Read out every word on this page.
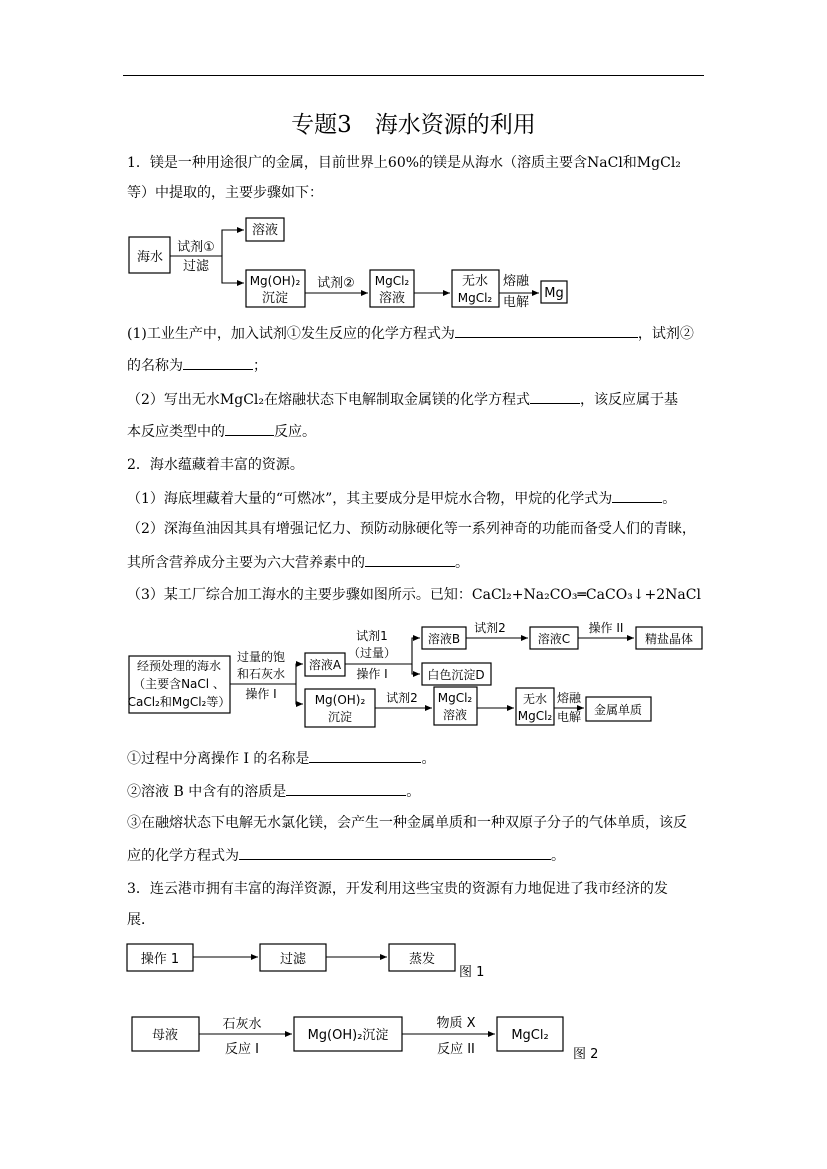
专题3　海水资源的利用
1．镁是一种用途很广的金属，目前世界上60%的镁是从海水（溶质主要含NaCl和MgCl₂
等）中提取的，主要步骤如下：
(1)工业生产中，加入试剂①发生反应的化学方程式为	，试剂②
的名称为	；
（2）写出无水MgCl₂在熔融状态下电解制取金属镁的化学方程式	，该反应属于基
本反应类型中的	反应。
2．海水蕴藏着丰富的资源。
（1）海底埋藏着大量的“可燃冰”，其主要成分是甲烷水合物，甲烷的化学式为	。
（2）深海鱼油因其具有增强记忆力、预防动脉硬化等一系列神奇的功能而备受人们的青睐，
其所含营养成分主要为六大营养素中的	。
（3）某工厂综合加工海水的主要步骤如图所示。已知：CaCl₂+Na₂CO₃═CaCO₃↓+2NaCl
①过程中分离操作 I 的名称是	。
②溶液 B 中含有的溶质是	。
③在融熔状态下电解无水氯化镁，会产生一种金属单质和一种双原子分子的气体单质，该反
应的化学方程式为	。
3．连云港市拥有丰富的海洋资源，开发利用这些宝贵的资源有力地促进了我市经济的发
展．
海水
试剂①
过滤
溶液
Mg(OH)₂
沉淀
试剂② MgCl₂
溶液
无水
MgCl₂
熔融
电解
Mg
经预处理的海水
（主要含NaCl 、
CaCl₂和MgCl₂等）
过量的饱
和石灰水
操作 I
溶液A
试剂1
（过量）
操作 I
溶液B
白色沉淀D
试剂2
溶液C
操作 II
精盐晶体
Mg(OH)₂
沉淀
试剂2 MgCl₂
溶液
无水
MgCl₂
熔融
电解 金属单质
操作 1	过滤	蒸发
图 1
母液
石灰水
反应 I
Mg(OH)₂沉淀
物质 X
反应 II
MgCl₂
图 2
